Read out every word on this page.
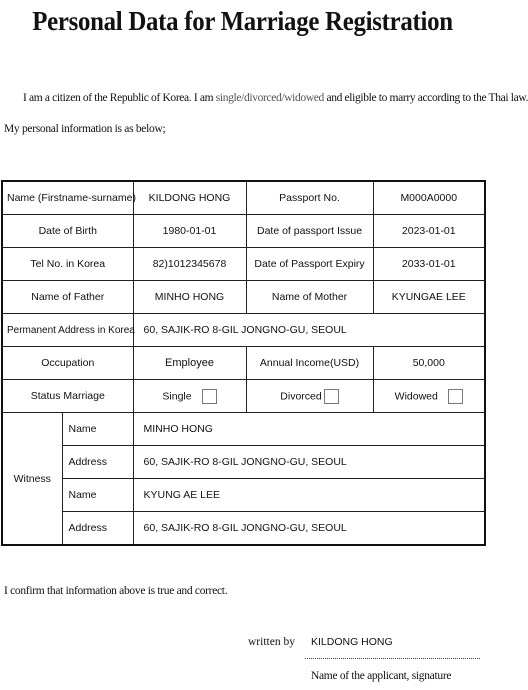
Personal Data for Marriage Registration
I am a citizen of the Republic of Korea. I am single/divorced/widowed and eligible to marry according to the Thai law.
My personal information is as below;
Name (Firstname-surname)		KILDONG HONG	Passport No.	M000A0000
Date of Birth		1980-01-01	Date of passport Issue	2023-01-01
Tel No. in Korea		82)1012345678	Date of Passport Expiry	2033-01-01
Name of Father		MINHO HONG	Name of Mother	KYUNGAE LEE
Permanent Address in Korea		60, SAJIK-RO 8-GIL JONGNO-GU, SEOUL		
Occupation		Employee	Annual Income(USD)	50,000
Status Marriage		Single	Divorced	Widowed
Witness	Name	MINHO HONG		
	Address	60, SAJIK-RO 8-GIL JONGNO-GU, SEOUL		
	Name	KYUNG AE LEE		
	Address	60, SAJIK-RO 8-GIL JONGNO-GU, SEOUL		
I confirm that information above is true and correct.
written by KILDONG HONG
Name of the applicant, signature
